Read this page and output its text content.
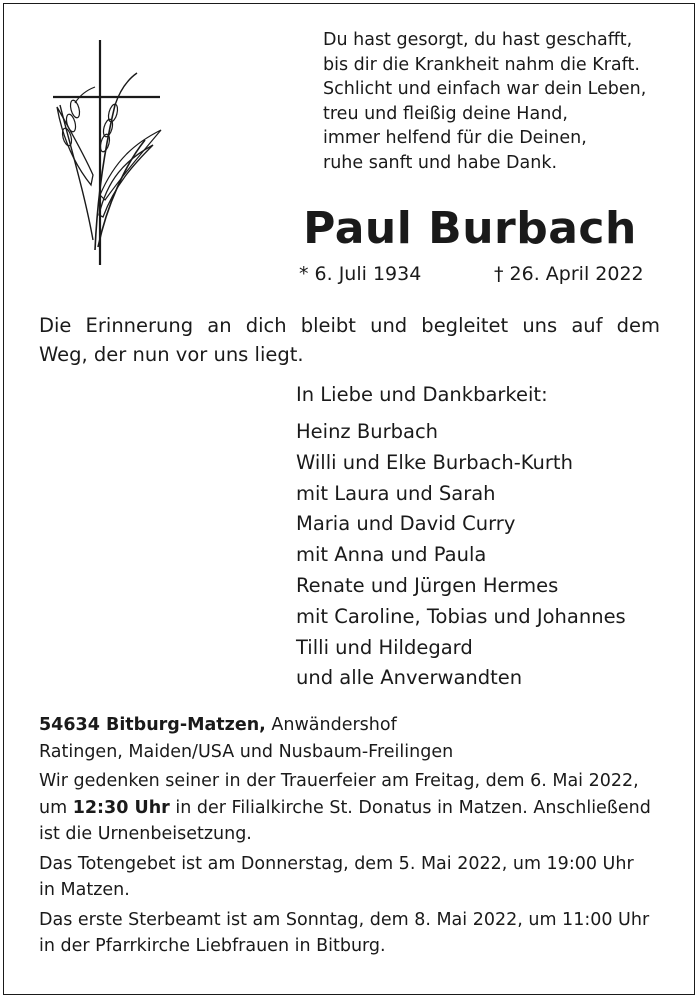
Du hast gesorgt, du hast geschafft,
bis dir die Krankheit nahm die Kraft.
Schlicht und einfach war dein Leben,
treu und fleißig deine Hand,
immer helfend für die Deinen,
ruhe sanft und habe Dank.
Paul Burbach
* 6. Juli 1934	† 26. April 2022
Die Erinnerung an dich bleibt und begleitet uns auf dem
Weg, der nun vor uns liegt.
In Liebe und Dankbarkeit:
Heinz Burbach
Willi und Elke Burbach-Kurth
mit Laura und Sarah
Maria und David Curry
mit Anna und Paula
Renate und Jürgen Hermes
mit Caroline, Tobias und Johannes
Tilli und Hildegard
und alle Anverwandten
54634 Bitburg-Matzen, Anwändershof
Ratingen, Maiden/USA und Nusbaum-Freilingen
Wir gedenken seiner in der Trauerfeier am Freitag, dem 6. Mai 2022,
um 12:30 Uhr in der Filialkirche St. Donatus in Matzen. Anschließend
ist die Urnenbeisetzung.
Das Totengebet ist am Donnerstag, dem 5. Mai 2022, um 19:00 Uhr
in Matzen.
Das erste Sterbeamt ist am Sonntag, dem 8. Mai 2022, um 11:00 Uhr
in der Pfarrkirche Liebfrauen in Bitburg.
